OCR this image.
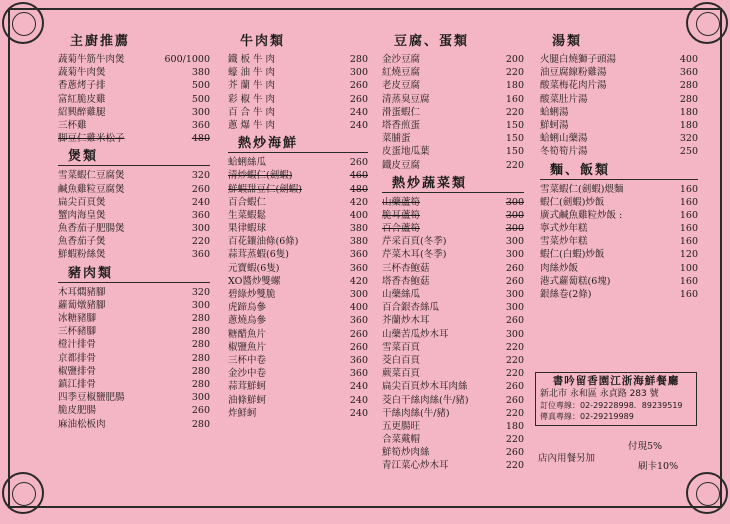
主廚推薦
蔬菊牛筋牛肉煲	600/1000
蔬菊牛肉煲	380
香蔥烤子排	500
富紅脆皮雞	500
紹興醉雞腿	300
三杯雞	360
脚豆仁雞米松子	480
煲類
雪菜蝦仁豆腐煲	320
鹹魚雞粒豆腐煲	260
扁尖百頁煲	240
蟹肉海皇煲	360
魚香茄子肥腸煲	300
魚香茄子煲	220
鮮蝦粉絲煲	360
豬肉類
木耳燜豬腳	320
蘿蔔燉豬腳	300
冰糖豬腳	280
三杯豬腳	280
橙汁排骨	280
京都排骨	280
椒鹽排骨	280
鎮江排骨	280
四季豆椒鹽肥腸	300
脆皮肥腸	260
麻油松板肉	280
牛肉類
鐵 板 牛 肉	280
蠔 油 牛 肉	300
芥 蘭 牛 肉	260
彩 椒 牛 肉	260
百 合 牛 肉	240
蔥 爆 牛 肉	240
熱炒海鮮
蛤蜊絲瓜	260
清炒蝦仁(劍蝦)	460
鮮蝦甜豆仁(劍蝦)	480
百合蝦仁	420
生菜蝦鬆	400
果律蝦球	380
百花鑲油條(6條)	380
蒜茸蒸蝦(6隻)	360
元寶蝦(6隻)	360
XO醬炒雙螺	420
碧綠炒雙脆	300
虎蹄烏參	400
蔥燒烏參	360
糖醋魚片	260
椒鹽魚片	260
三杯中卷	360
金沙中卷	360
蒜茸鮮蚵	240
油條鮮蚵	240
炸鮮蚵	240
豆腐、蛋類
金沙豆腐	200
紅燒豆腐	220
老皮豆腐	180
清蒸臭豆腐	160
滑蛋蝦仁	220
塔香煎蛋	150
菜脯蛋	150
皮蛋地瓜葉	150
鐵皮豆腐	220
熱炒蔬菜類
山藥蘆筍	300
脆耳蘆筍	300
百合蘆筍	300
芹采百頁(冬季)	300
芹菜木耳(冬季)	300
三杯杏鮑菇	260
塔香杏鮑菇	260
山藥絲瓜	300
百合銀杏絲瓜	300
芥蘭炒木耳	260
山藥苦瓜炒木耳	300
雪菜百頁	220
茭白百頁	220
蕨菜百頁	220
扁尖百頁炒木耳肉絲	260
茭白干絲肉絲(牛/豬)	260
干絲肉絲(牛/豬)	220
五更腸旺	180
合菜戴帽	220
鮮筍炒肉絲	260
青江菜心炒木耳	220
湯類
火腿白燒獅子頭湯	400
油豆腐線粉雞湯	360
酸菜梅花肉片湯	280
酸菜肚片湯	280
蛤蜊湯	180
鮮蚵湯	180
蛤蜊山藥湯	320
冬筍筍片湯	250
麵、飯類
雪菜蝦仁(劍蝦)煨麵	160
蝦仁(劍蝦)炒飯	160
廣式鹹魚雞粒炒飯 :	160
寧式炒年糕	160
雪菜炒年糕	160
蝦仁(白蝦)炒飯	120
肉絲炒飯	100
港式蘿蔔糕(6塊)	160
銀絲卷(2條)	160
書吟留香園江浙海鮮餐廳
新北市 永和區 永貞路 283 號
訂位專線：02-29228998．89239519
傳真專線：02-29219989
店內用餐另加
付現5%
刷卡10%
